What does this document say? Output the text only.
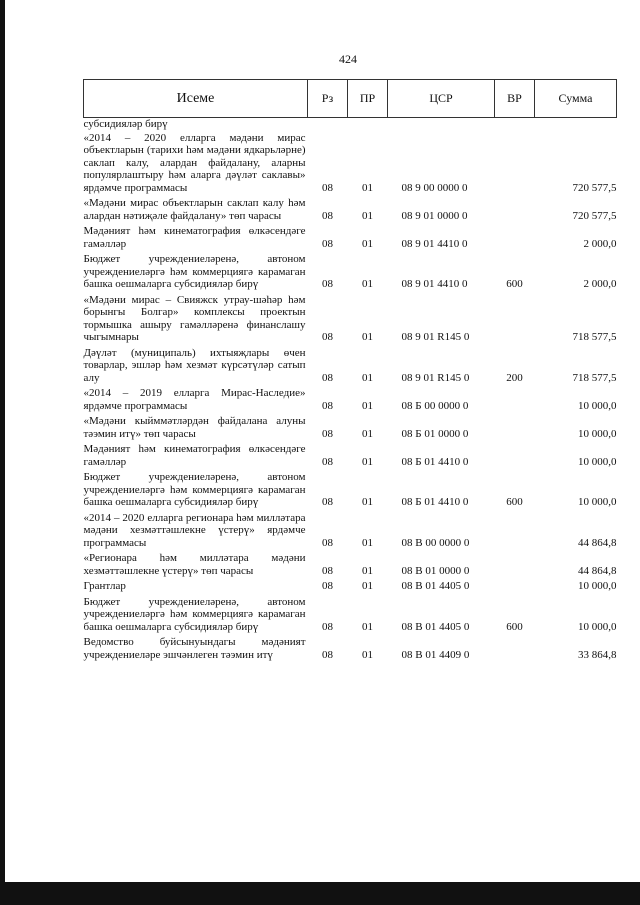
424
Исеме	Рз	ПР	ЦСР	ВР	Сумма
субсидияләр бирү					
«2014 – 2020 елларга мәдәни мирас объектларын (тарихи һәм мәдәни ядкарьләрне) саклап калу, алардан файдалану, аларны популярлаштыру һәм аларга дәүләт саклавы» ярдәмче программасы	08	01	08 9 00 0000 0		720 577,5
«Мәдәни мирас объектларын саклап калу һәм алардан нәтиҗәле файдалану» төп чарасы	08	01	08 9 01 0000 0		720 577,5
Мәдәният һәм кинематография өлкәсендәге гамәлләр	08	01	08 9 01 4410 0		2 000,0
Бюджет учреждениеләренә, автоном учреждениеләргә һәм коммерциягә карамаган башка оешмаларга субсидияләр бирү	08	01	08 9 01 4410 0	600	2 000,0
«Мәдәни мирас – Свияжск утрау-шәһәр һәм борынгы Болгар» комплексы проектын тормышка ашыру гамәлләренә финанслашу чыгымнары	08	01	08 9 01 R145 0		718 577,5
Дәүләт (муниципаль) ихтыяҗлары өчен товарлар, эшләр һәм хезмәт күрсәтүләр сатып алу	08	01	08 9 01 R145 0	200	718 577,5
«2014 – 2019 елларга Мирас-Наследие» ярдәмче программасы	08	01	08 Б 00 0000 0		10 000,0
«Мәдәни кыйммәтләрдән файдалана алуны тәэмин итү» төп чарасы	08	01	08 Б 01 0000 0		10 000,0
Мәдәният һәм кинематография өлкәсендәге гамәлләр	08	01	08 Б 01 4410 0		10 000,0
Бюджет учреждениеләренә, автоном учреждениеләргә һәм коммерциягә карамаган башка оешмаларга субсидияләр бирү	08	01	08 Б 01 4410 0	600	10 000,0
«2014 – 2020 елларга регионара һәм милләтара мәдәни хезмәттәшлекне үстерү» ярдәмче программасы	08	01	08 В 00 0000 0		44 864,8
«Регионара һәм милләтара мәдәни хезмәттәшлекне үстерү» төп чарасы	08	01	08 В 01 0000 0		44 864,8
Грантлар	08	01	08 В 01 4405 0		10 000,0
Бюджет учреждениеләренә, автоном учреждениеләргә һәм коммерциягә карамаган башка оешмаларга субсидияләр бирү	08	01	08 В 01 4405 0	600	10 000,0
Ведомство буйсынуындагы мәдәният учреждениеләре эшчәнлеген тәэмин итү	08	01	08 В 01 4409 0		33 864,8
